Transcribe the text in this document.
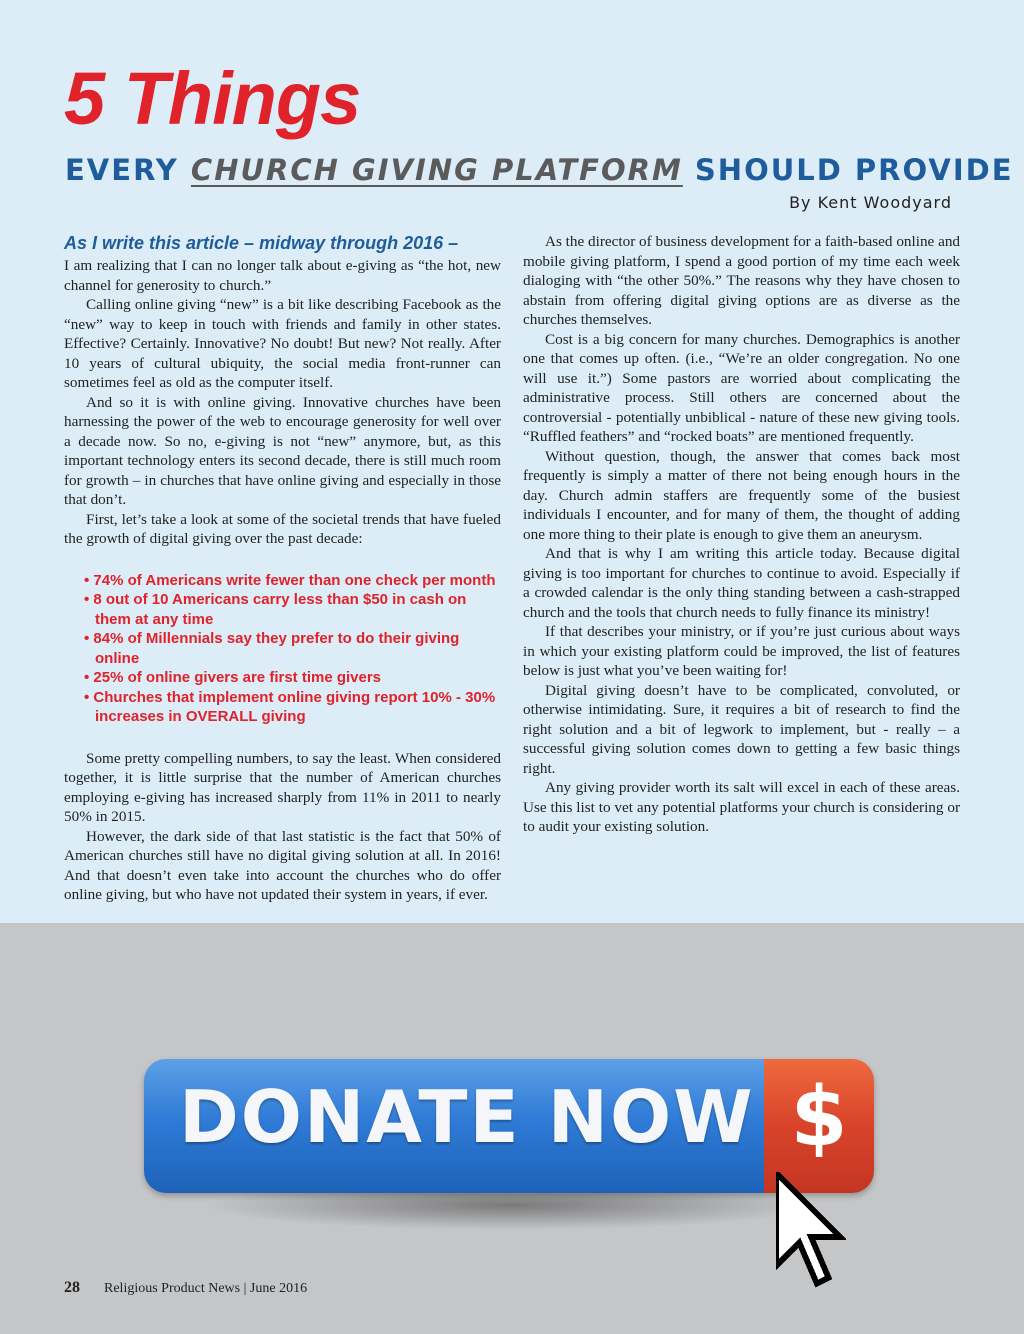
5 Things
EVERY CHURCH GIVING PLATFORM SHOULD PROVIDE
By Kent Woodyard
As I write this article – midway through 2016 –

I am realizing that I can no longer talk about e-giving as “the hot, new channel for generosity to church.”

Calling online giving “new” is a bit like describing Facebook as the “new” way to keep in touch with friends and family in other states. Effective? Certainly. Innovative? No doubt! But new? Not really. After 10 years of cultural ubiquity, the social media front-runner can sometimes feel as old as the computer itself.

And so it is with online giving. Innovative churches have been harnessing the power of the web to encourage generosity for well over a decade now. So no, e-giving is not “new” anymore, but, as this important technology enters its second decade, there is still much room for growth – in churches that have online giving and especially in those that don’t.

First, let’s take a look at some of the societal trends that have fueled the growth of digital giving over the past decade:

• 74% of Americans write fewer than one check per month
• 8 out of 10 Americans carry less than $50 in cash on them at any time
• 84% of Millennials say they prefer to do their giving online
• 25% of online givers are first time givers
• Churches that implement online giving report 10% - 30% increases in OVERALL giving

Some pretty compelling numbers, to say the least. When considered together, it is little surprise that the number of American churches employing e-giving has increased sharply from 11% in 2011 to nearly 50% in 2015.

However, the dark side of that last statistic is the fact that 50% of American churches still have no digital giving solution at all. In 2016! And that doesn’t even take into account the churches who do offer online giving, but who have not updated their system in years, if ever.

As the director of business development for a faith-based online and mobile giving platform, I spend a good portion of my time each week dialoging with “the other 50%.” The reasons why they have chosen to abstain from offering digital giving options are as diverse as the churches themselves.

Cost is a big concern for many churches. Demographics is another one that comes up often. (i.e., “We’re an older congregation. No one will use it.”) Some pastors are worried about complicating the administrative process. Still others are concerned about the controversial - potentially unbiblical - nature of these new giving tools. “Ruffled feathers” and “rocked boats” are mentioned frequently.

Without question, though, the answer that comes back most frequently is simply a matter of there not being enough hours in the day. Church admin staffers are frequently some of the busiest individuals I encounter, and for many of them, the thought of adding one more thing to their plate is enough to give them an aneurysm.

And that is why I am writing this article today. Because digital giving is too important for churches to continue to avoid. Especially if a crowded calendar is the only thing standing between a cash-strapped church and the tools that church needs to fully finance its ministry!

If that describes your ministry, or if you’re just curious about ways in which your existing platform could be improved, the list of features below is just what you’ve been waiting for!

Digital giving doesn’t have to be complicated, convoluted, or otherwise intimidating. Sure, it requires a bit of research to find the right solution and a bit of legwork to implement, but - really – a successful giving solution comes down to getting a few basic things right.

Any giving provider worth its salt will excel in each of these areas. Use this list to vet any potential platforms your church is considering or to audit your existing solution.

DONATE NOW $
28 Religious Product News | June 2016
